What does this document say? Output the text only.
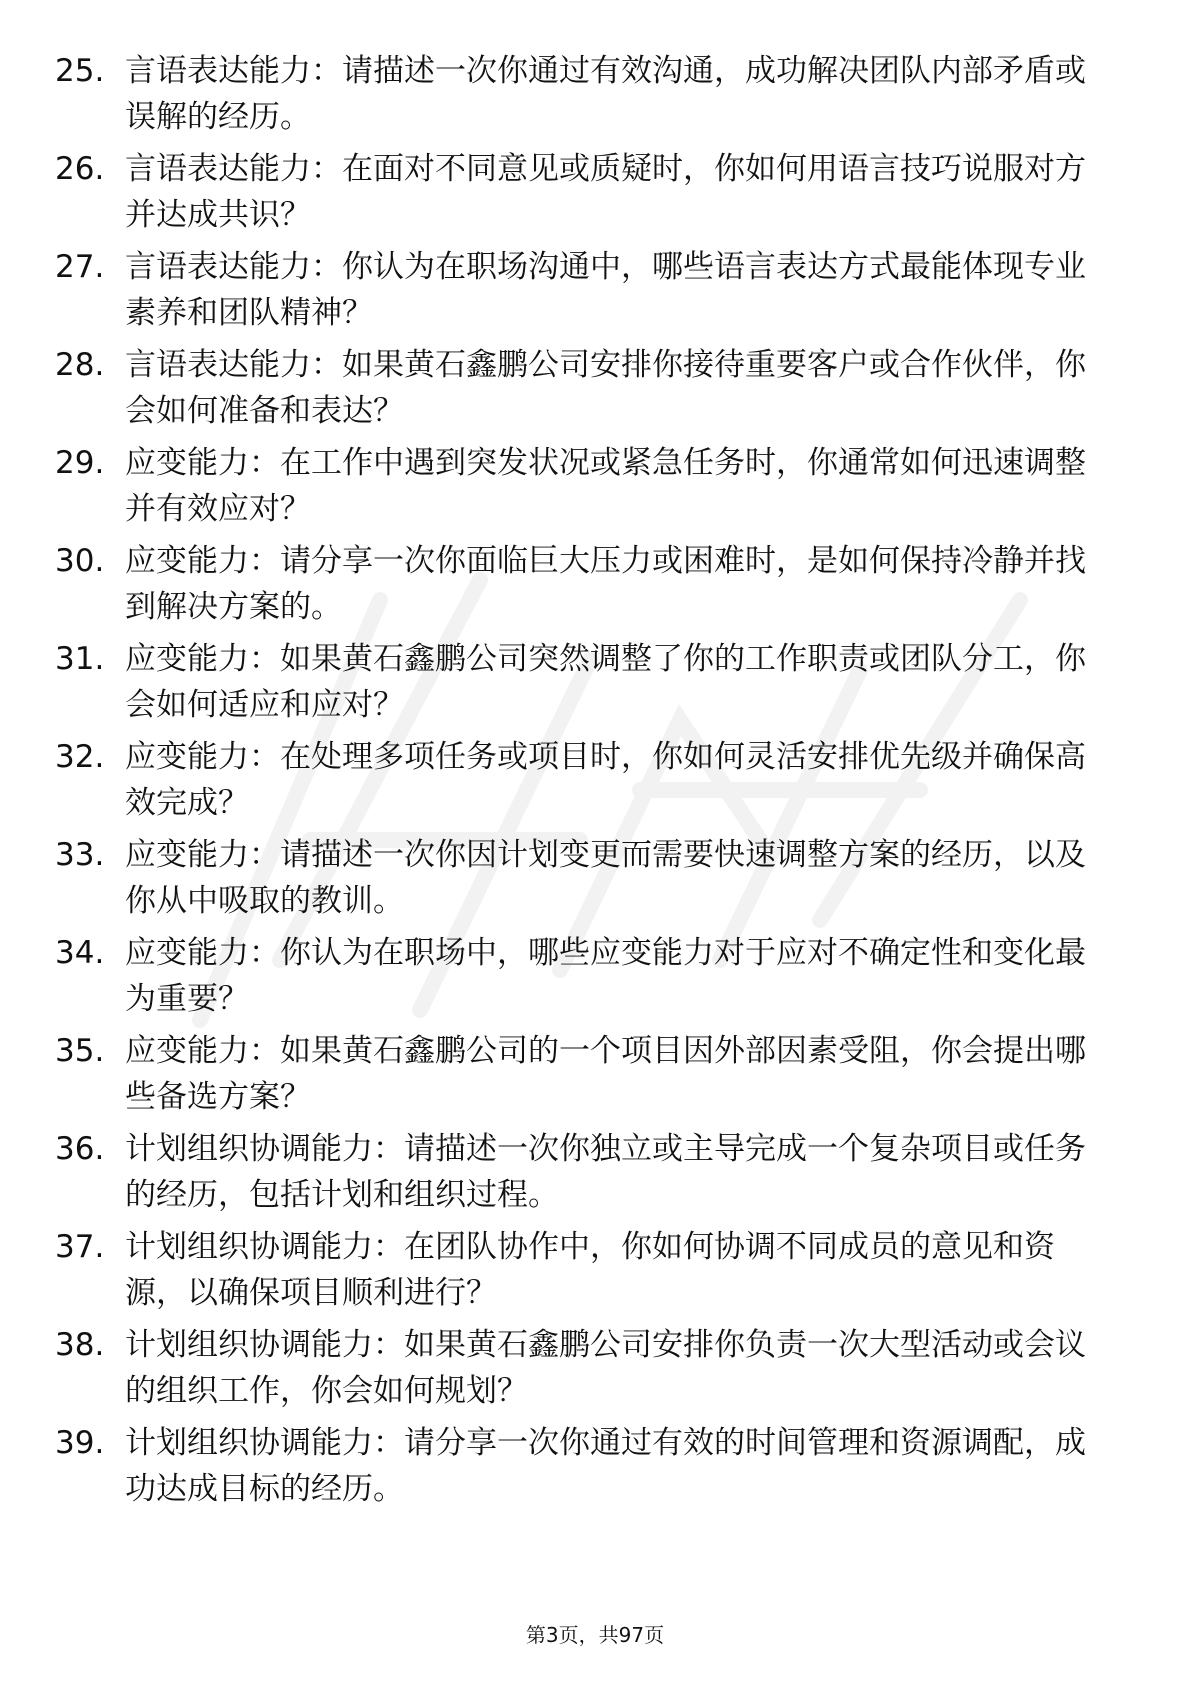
25. 言语表达能力：请描述一次你通过有效沟通，成功解决团队内部矛盾或误解的经历。
26. 言语表达能力：在面对不同意见或质疑时，你如何用语言技巧说服对方并达成共识？
27. 言语表达能力：你认为在职场沟通中，哪些语言表达方式最能体现专业素养和团队精神？
28. 言语表达能力：如果黄石鑫鹏公司安排你接待重要客户或合作伙伴，你会如何准备和表达？
29. 应变能力：在工作中遇到突发状况或紧急任务时，你通常如何迅速调整并有效应对？
30. 应变能力：请分享一次你面临巨大压力或困难时，是如何保持冷静并找到解决方案的。
31. 应变能力：如果黄石鑫鹏公司突然调整了你的工作职责或团队分工，你会如何适应和应对？
32. 应变能力：在处理多项任务或项目时，你如何灵活安排优先级并确保高效完成？
33. 应变能力：请描述一次你因计划变更而需要快速调整方案的经历，以及你从中吸取的教训。
34. 应变能力：你认为在职场中，哪些应变能力对于应对不确定性和变化最为重要？
35. 应变能力：如果黄石鑫鹏公司的一个项目因外部因素受阻，你会提出哪些备选方案？
36. 计划组织协调能力：请描述一次你独立或主导完成一个复杂项目或任务的经历，包括计划和组织过程。
37. 计划组织协调能力：在团队协作中，你如何协调不同成员的意见和资源，以确保项目顺利进行？
38. 计划组织协调能力：如果黄石鑫鹏公司安排你负责一次大型活动或会议的组织工作，你会如何规划？
39. 计划组织协调能力：请分享一次你通过有效的时间管理和资源调配，成功达成目标的经历。
第3页，共97页
